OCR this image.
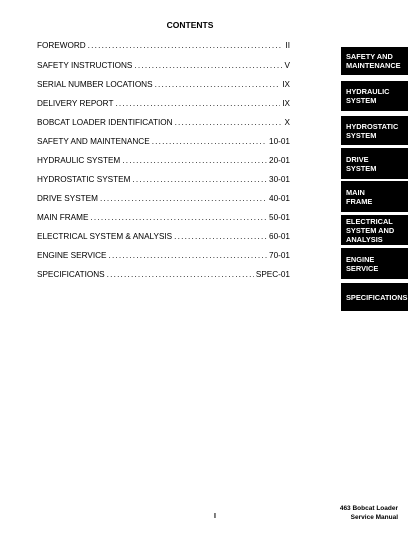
CONTENTS
FOREWORD .....	II
SAFETY INSTRUCTIONS .....	V
SERIAL NUMBER LOCATIONS .....	IX
DELIVERY REPORT .....	IX
BOBCAT LOADER IDENTIFICATION .....	X
SAFETY AND MAINTENANCE .....	10-01
HYDRAULIC SYSTEM .....	20-01
HYDROSTATIC SYSTEM .....	30-01
DRIVE SYSTEM .....	40-01
MAIN FRAME .....	50-01
ELECTRICAL SYSTEM & ANALYSIS .....	60-01
ENGINE SERVICE .....	70-01
SPECIFICATIONS .....	SPEC-01
SAFETY AND
MAINTENANCE
HYDRAULIC
SYSTEM
HYDROSTATIC
SYSTEM
DRIVE
SYSTEM
MAIN
FRAME
ELECTRICAL
SYSTEM AND
ANALYSIS
ENGINE
SERVICE
SPECIFICATIONS
463 Bobcat Loader
Service Manual
I
